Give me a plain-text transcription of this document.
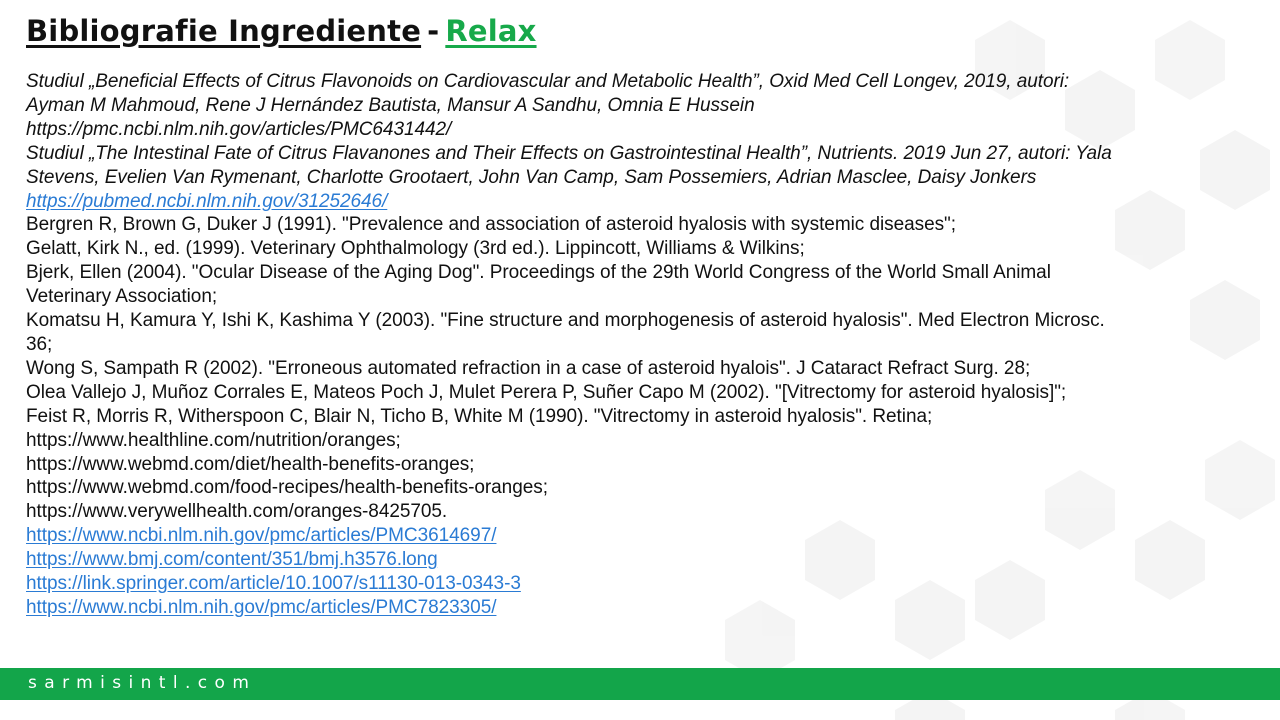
Bibliografie Ingrediente - Relax
Studiul „Beneficial Effects of Citrus Flavonoids on Cardiovascular and Metabolic Health”, Oxid Med Cell Longev, 2019, autori:
Ayman M Mahmoud, Rene J Hernández Bautista, Mansur A Sandhu, Omnia E Hussein
https://pmc.ncbi.nlm.nih.gov/articles/PMC6431442/
Studiul „The Intestinal Fate of Citrus Flavanones and Their Effects on Gastrointestinal Health”, Nutrients. 2019 Jun 27, autori: Yala
Stevens, Evelien Van Rymenant, Charlotte Grootaert, John Van Camp, Sam Possemiers, Adrian Masclee, Daisy Jonkers
https://pubmed.ncbi.nlm.nih.gov/31252646/
Bergren R, Brown G, Duker J (1991). "Prevalence and association of asteroid hyalosis with systemic diseases";
Gelatt, Kirk N., ed. (1999). Veterinary Ophthalmology (3rd ed.). Lippincott, Williams & Wilkins;
Bjerk, Ellen (2004). "Ocular Disease of the Aging Dog". Proceedings of the 29th World Congress of the World Small Animal
Veterinary Association;
Komatsu H, Kamura Y, Ishi K, Kashima Y (2003). "Fine structure and morphogenesis of asteroid hyalosis". Med Electron Microsc.
36;
Wong S, Sampath R (2002). "Erroneous automated refraction in a case of asteroid hyalois". J Cataract Refract Surg. 28;
Olea Vallejo J, Muñoz Corrales E, Mateos Poch J, Mulet Perera P, Suñer Capo M (2002). "[Vitrectomy for asteroid hyalosis]";
Feist R, Morris R, Witherspoon C, Blair N, Ticho B, White M (1990). "Vitrectomy in asteroid hyalosis". Retina;
https://www.healthline.com/nutrition/oranges;
https://www.webmd.com/diet/health-benefits-oranges;
https://www.webmd.com/food-recipes/health-benefits-oranges;
https://www.verywellhealth.com/oranges-8425705.
https://www.ncbi.nlm.nih.gov/pmc/articles/PMC3614697/
https://www.bmj.com/content/351/bmj.h3576.long
https://link.springer.com/article/10.1007/s11130-013-0343-3
https://www.ncbi.nlm.nih.gov/pmc/articles/PMC7823305/
sarmisintl.com
